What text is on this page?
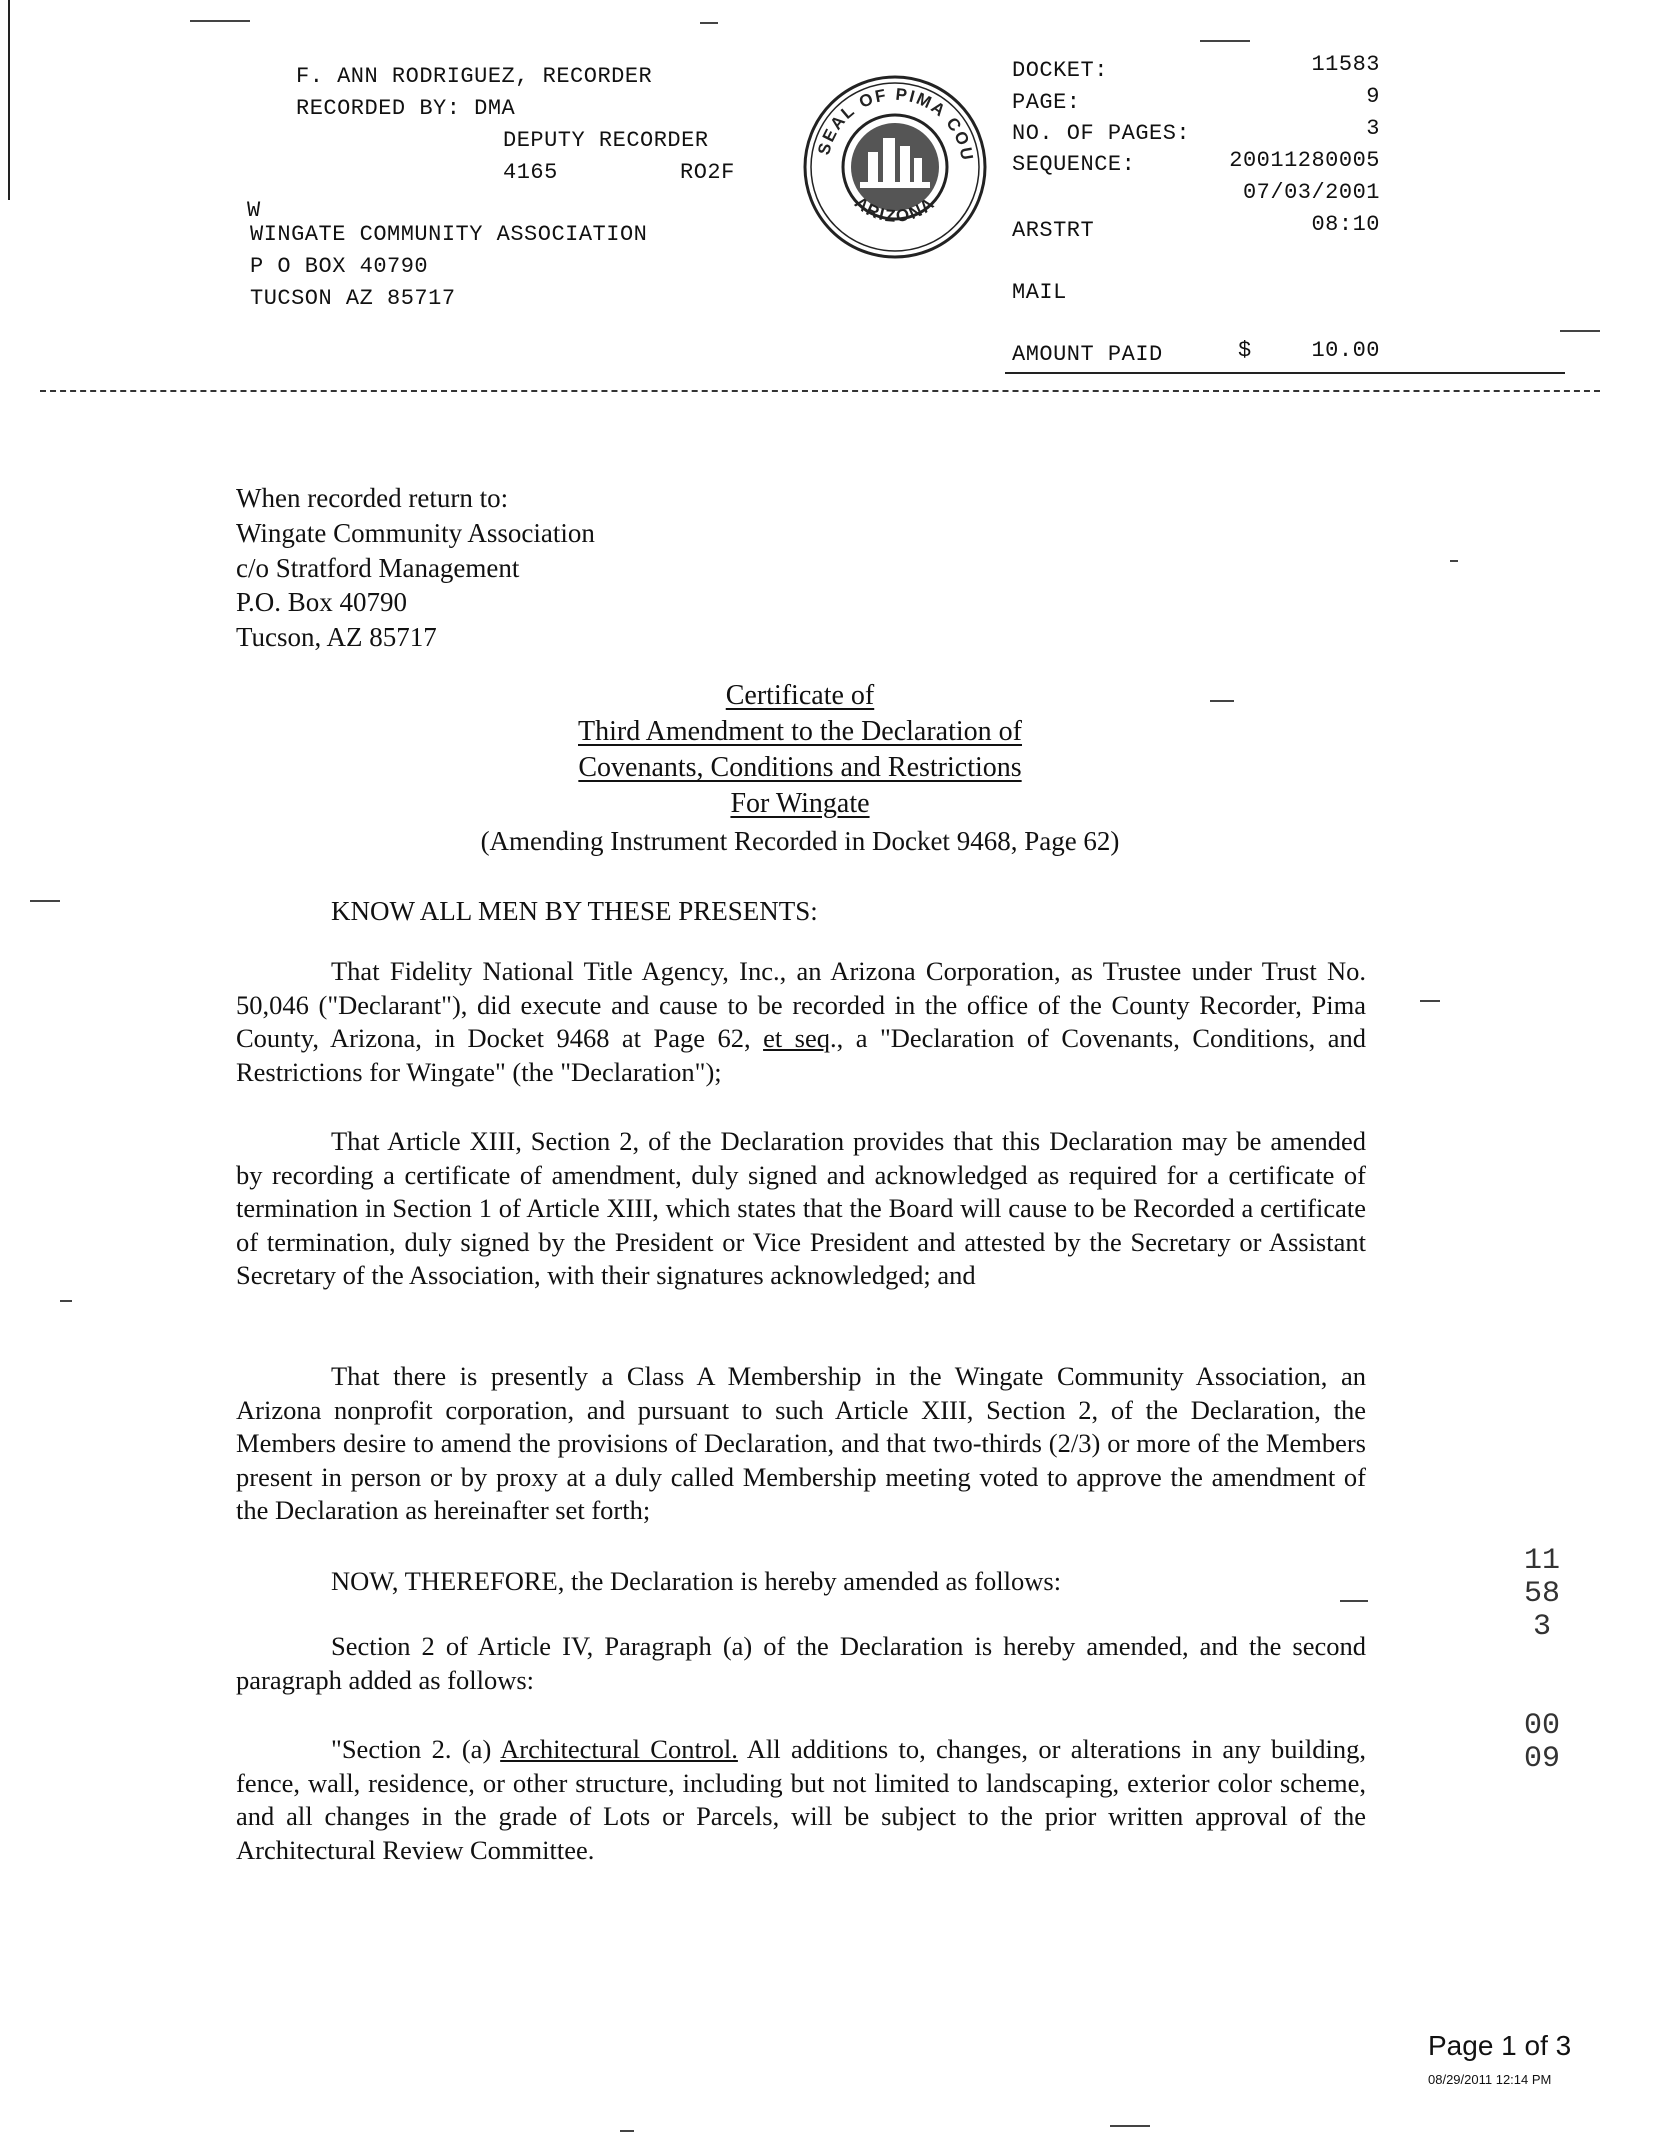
F. ANN RODRIGUEZ, RECORDER
RECORDED BY: DMA
DEPUTY RECORDER
4165	RO2F
W
WINGATE COMMUNITY ASSOCIATION
P O BOX 40790
TUCSON AZ 85717
SEAL OF PIMA COU
ARIZONA
DOCKET:	11583
PAGE:	9
NO. OF PAGES:	3
SEQUENCE:	20011280005
07/03/2001
ARSTRT	08:10
MAIL
AMOUNT PAID	$	10.00
When recorded return to:
Wingate Community Association
c/o Stratford Management
P.O. Box 40790
Tucson, AZ 85717
Certificate of
Third Amendment to the Declaration of
Covenants, Conditions and Restrictions
For Wingate
(Amending Instrument Recorded in Docket 9468, Page 62)
KNOW ALL MEN BY THESE PRESENTS:
That Fidelity National Title Agency, Inc., an Arizona Corporation, as Trustee under Trust No. 50,046 ("Declarant"), did execute and cause to be recorded in the office of the County Recorder, Pima County, Arizona, in Docket 9468 at Page 62, et seq., a "Declaration of Covenants, Conditions, and Restrictions for Wingate" (the "Declaration");
That Article XIII, Section 2, of the Declaration provides that this Declaration may be amended by recording a certificate of amendment, duly signed and acknowledged as required for a certificate of termination in Section 1 of Article XIII, which states that the Board will cause to be Recorded a certificate of termination, duly signed by the President or Vice President and attested by the Secretary or Assistant Secretary of the Association, with their signatures acknowledged; and
That there is presently a Class A Membership in the Wingate Community Association, an Arizona nonprofit corporation, and pursuant to such Article XIII, Section 2, of the Declaration, the Members desire to amend the provisions of Declaration, and that two-thirds (2/3) or more of the Members present in person or by proxy at a duly called Membership meeting voted to approve the amendment of the Declaration as hereinafter set forth;
NOW, THEREFORE, the Declaration is hereby amended as follows:
Section 2 of Article IV, Paragraph (a) of the Declaration is hereby amended, and the second paragraph added as follows:
"Section 2. (a) Architectural Control. All additions to, changes, or alterations in any building, fence, wall, residence, or other structure, including but not limited to landscaping, exterior color scheme, and all changes in the grade of Lots or Parcels, will be subject to the prior written approval of the Architectural Review Committee.
11583
0009
Page 1 of 3
08/29/2011 12:14 PM
